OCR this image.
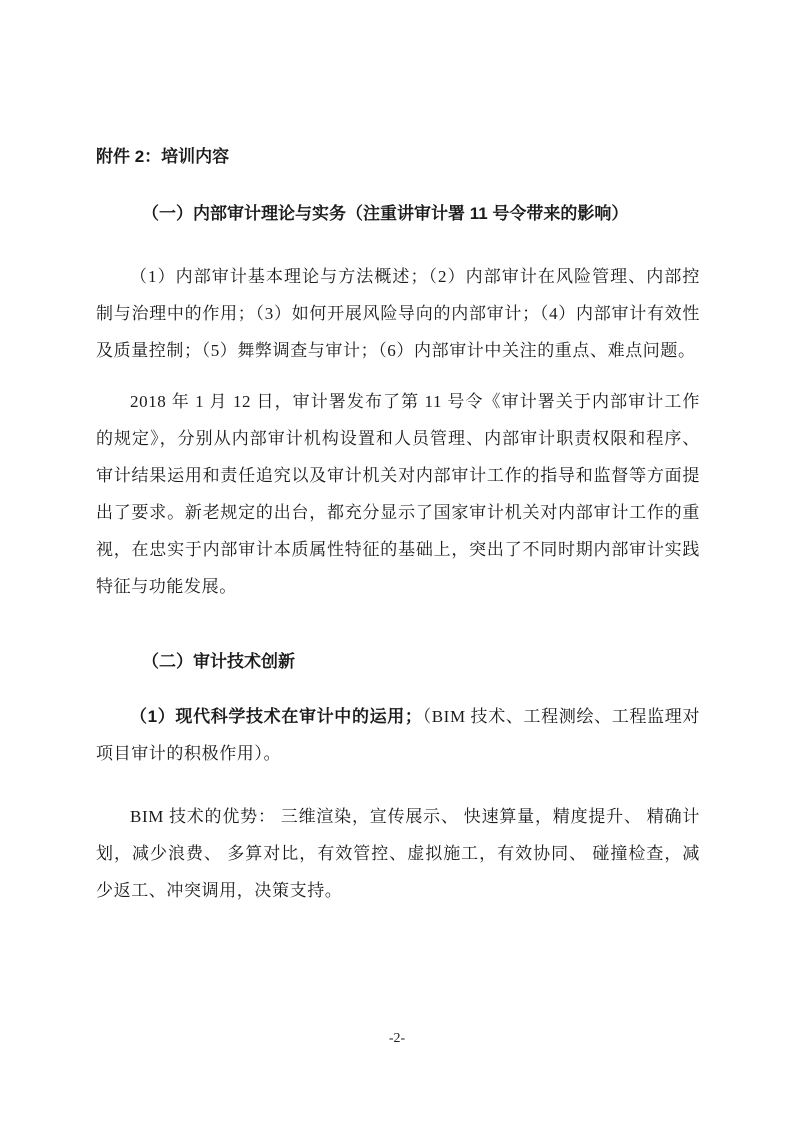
附件 2：培训内容
（一）内部审计理论与实务（注重讲审计署 11 号令带来的影响）

（1）内部审计基本理论与方法概述；（2）内部审计在风险管理、内部控制与治理中的作用；（3）如何开展风险导向的内部审计；（4）内部审计有效性及质量控制；（5）舞弊调查与审计；（6）内部审计中关注的重点、难点问题。

2018 年 1 月 12 日，审计署发布了第 11 号令《审计署关于内部审计工作的规定》，分别从内部审计机构设置和人员管理、内部审计职责权限和程序、审计结果运用和责任追究以及审计机关对内部审计工作的指导和监督等方面提出了要求。新老规定的出台，都充分显示了国家审计机关对内部审计工作的重视，在忠实于内部审计本质属性特征的基础上，突出了不同时期内部审计实践特征与功能发展。

（二）审计技术创新

（1）现代科学技术在审计中的运用；（BIM 技术、工程测绘、工程监理对项目审计的积极作用）。

BIM 技术的优势： 三维渲染，宣传展示、 快速算量，精度提升、 精确计划，减少浪费、 多算对比，有效管控、虚拟施工，有效协同、 碰撞检查，减少返工、冲突调用，决策支持。

-2-
